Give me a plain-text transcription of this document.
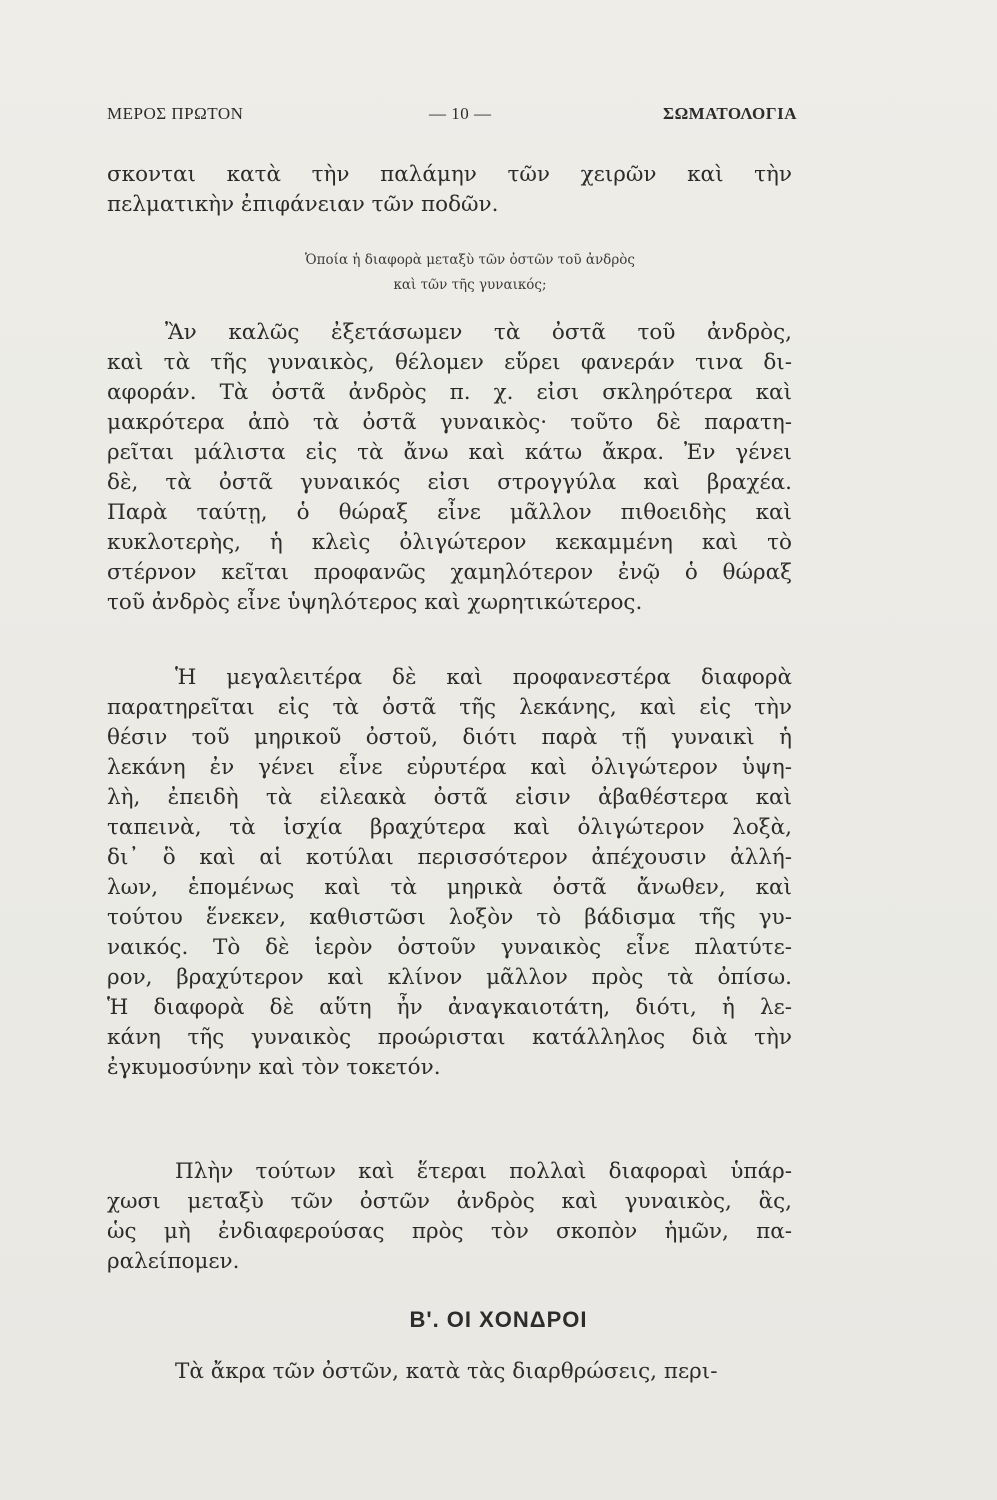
ΜΕΡΟΣ ΠΡΩΤΟΝ	— 10 —	ΣΩΜΑΤΟΛΟΓΙΑ
σκονται κατὰ τὴν παλάμην τῶν χειρῶν καὶ τὴν
πελματικὴν ἐπιφάνειαν τῶν ποδῶν.
Ὁποία ἡ διαφορὰ μεταξὺ τῶν ὀστῶν τοῦ ἀνδρὸς
καὶ τῶν τῆς γυναικός;
Ἂν καλῶς ἐξετάσωμεν τὰ ὀστᾶ τοῦ ἀνδρὸς,
καὶ τὰ τῆς γυναικὸς, θέλομεν εὕρει φανεράν τινα δι-
αφοράν. Τὰ ὀστᾶ ἀνδρὸς π. χ. εἰσι σκληρότερα καὶ
μακρότερα ἀπὸ τὰ ὀστᾶ γυναικὸς· τοῦτο δὲ παρατη-
ρεῖται μάλιστα εἰς τὰ ἄνω καὶ κάτω ἄκρα. Ἐν γένει
δὲ, τὰ ὀστᾶ γυναικός εἰσι στρογγύλα καὶ βραχέα.
Παρὰ ταύτῃ, ὁ θώραξ εἶνε μᾶλλον πιθοειδὴς καὶ
κυκλοτερὴς, ἡ κλεὶς ὀλιγώτερον κεκαμμένη καὶ τὸ
στέρνον κεῖται προφανῶς χαμηλότερον ἐνῷ ὁ θώραξ
τοῦ ἀνδρὸς εἶνε ὑψηλότερος καὶ χωρητικώτερος.
Ἡ μεγαλειτέρα δὲ καὶ προφανεστέρα διαφορὰ
παρατηρεῖται εἰς τὰ ὀστᾶ τῆς λεκάνης, καὶ εἰς τὴν
θέσιν τοῦ μηρικοῦ ὀστοῦ, διότι παρὰ τῇ γυναικὶ ἡ
λεκάνη ἐν γένει εἶνε εὐρυτέρα καὶ ὀλιγώτερον ὑψη-
λὴ, ἐπειδὴ τὰ εἰλεακὰ ὀστᾶ εἰσιν ἀβαθέστερα καὶ
ταπεινὰ, τὰ ἰσχία βραχύτερα καὶ ὀλιγώτερον λοξὰ,
δι᾽ ὃ καὶ αἱ κοτύλαι περισσότερον ἀπέχουσιν ἀλλή-
λων, ἑπομένως καὶ τὰ μηρικὰ ὀστᾶ ἄνωθεν, καὶ
τούτου ἕνεκεν, καθιστῶσι λοξὸν τὸ βάδισμα τῆς γυ-
ναικός. Τὸ δὲ ἱερὸν ὀστοῦν γυναικὸς εἶνε πλατύτε-
ρον, βραχύτερον καὶ κλίνον μᾶλλον πρὸς τὰ ὀπίσω.
Ἡ διαφορὰ δὲ αὕτη ἦν ἀναγκαιοτάτη, διότι, ἡ λε-
κάνη τῆς γυναικὸς προώρισται κατάλληλος διὰ τὴν
ἐγκυμοσύνην καὶ τὸν τοκετόν.
Πλὴν τούτων καὶ ἕτεραι πολλαὶ διαφοραὶ ὑπάρ-
χωσι μεταξὺ τῶν ὀστῶν ἀνδρὸς καὶ γυναικὸς, ἃς,
ὡς μὴ ἐνδιαφερούσας πρὸς τὸν σκοπὸν ἡμῶν, πα-
ραλείπομεν.
Β'. ΟΙ ΧΟΝΔΡΟΙ
Τὰ ἄκρα τῶν ὀστῶν, κατὰ τὰς διαρθρώσεις, περι-
